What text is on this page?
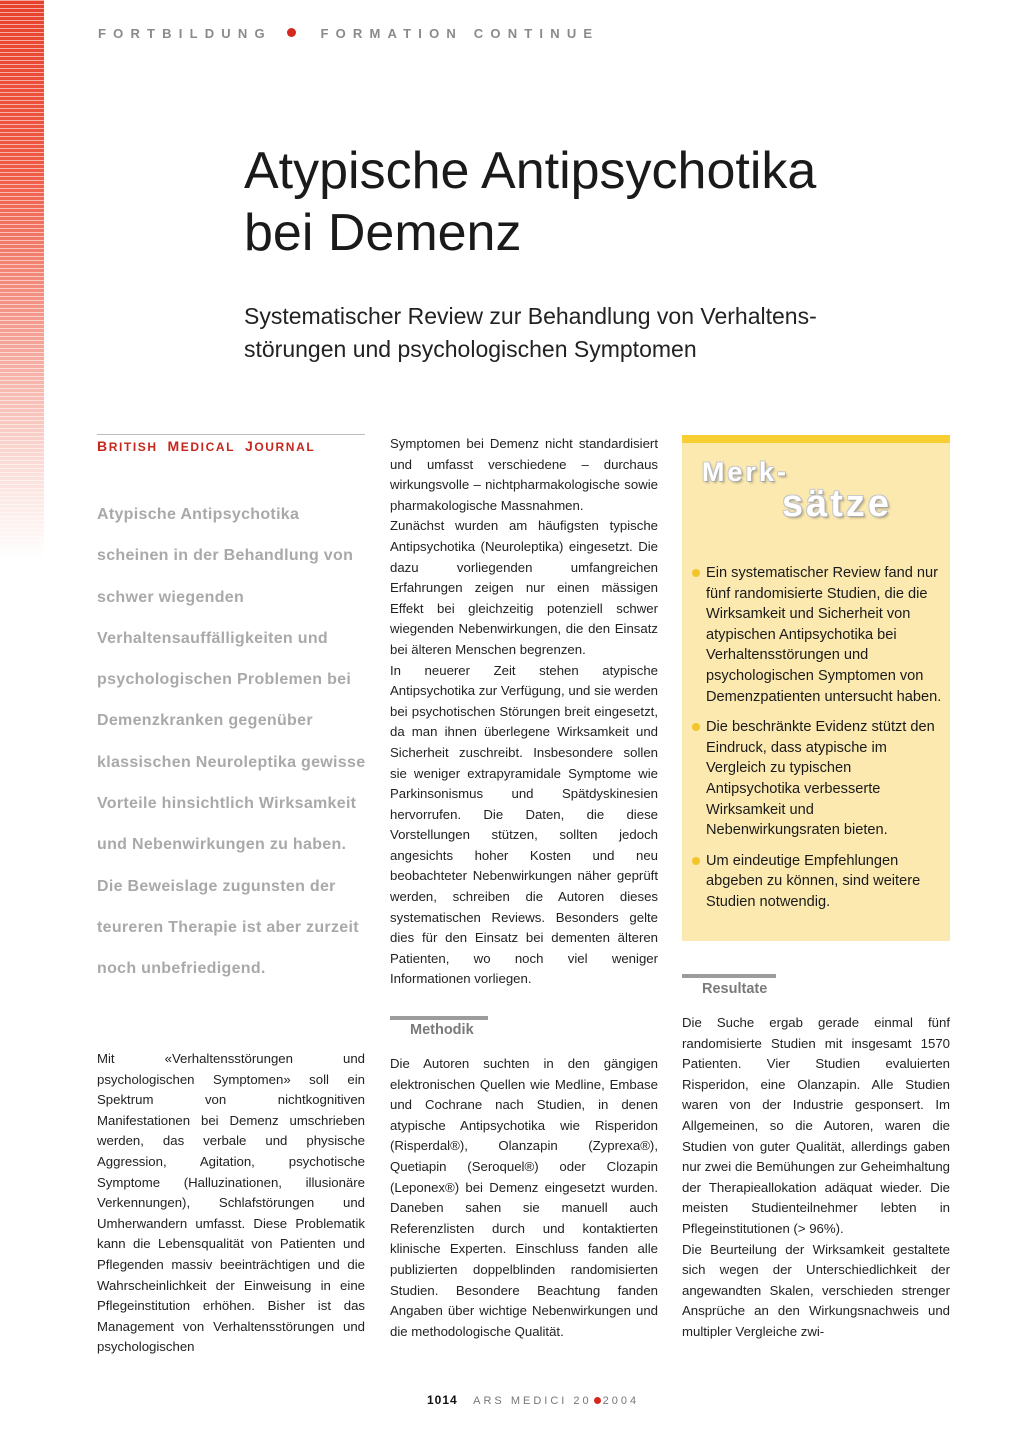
FORTBILDUNG	FORMATION CONTINUE
Atypische Antipsychotika
bei Demenz
Systematischer Review zur Behandlung von Verhaltens-
störungen und psychologischen Symptomen
BRITISH MEDICAL JOURNAL
Atypische Antipsychotika scheinen in der Behandlung von schwer wiegenden Verhaltensauffälligkeiten und psychologischen Problemen bei Demenzkranken gegenüber klassischen Neuroleptika gewisse Vorteile hinsichtlich Wirksamkeit und Nebenwirkungen zu haben. Die Beweislage zugunsten der teureren Therapie ist aber zurzeit noch unbefriedigend.

Mit «Verhaltensstörungen und psychologischen Symptomen» soll ein Spektrum von nichtkognitiven Manifestationen bei Demenz umschrieben werden, das verbale und physische Aggression, Agitation, psychotische Symptome (Halluzinationen, illusionäre Verkennungen), Schlafstörungen und Umherwandern umfasst. Diese Problematik kann die Lebensqualität von Patienten und Pflegenden massiv beeinträchtigen und die Wahrscheinlichkeit der Einweisung in eine Pflegeinstitution erhöhen. Bisher ist das Management von Verhaltensstörungen und psychologischen

Symptomen bei Demenz nicht standardisiert und umfasst verschiedene – durchaus wirkungsvolle – nichtpharmakologische sowie pharmakologische Massnahmen.

Zunächst wurden am häufigsten typische Antipsychotika (Neuroleptika) eingesetzt. Die dazu vorliegenden umfangreichen Erfahrungen zeigen nur einen mässigen Effekt bei gleichzeitig potenziell schwer wiegenden Nebenwirkungen, die den Einsatz bei älteren Menschen begrenzen.

In neuerer Zeit stehen atypische Antipsychotika zur Verfügung, und sie werden bei psychotischen Störungen breit eingesetzt, da man ihnen überlegene Wirksamkeit und Sicherheit zuschreibt. Insbesondere sollen sie weniger extrapyramidale Symptome wie Parkinsonismus und Spätdyskinesien hervorrufen. Die Daten, die diese Vorstellungen stützen, sollten jedoch angesichts hoher Kosten und neu beobachteter Nebenwirkungen näher geprüft werden, schreiben die Autoren dieses systematischen Reviews. Besonders gelte dies für den Einsatz bei dementen älteren Patienten, wo noch viel weniger Informationen vorliegen.

Methodik

Die Autoren suchten in den gängigen elektronischen Quellen wie Medline, Embase und Cochrane nach Studien, in denen atypische Antipsychotika wie Risperidon (Risperdal®), Olanzapin (Zyprexa®), Quetiapin (Seroquel®) oder Clozapin (Leponex®) bei Demenz eingesetzt wurden. Daneben sahen sie manuell auch Referenzlisten durch und kontaktierten klinische Experten. Einschluss fanden alle publizierten doppelblinden randomisierten Studien. Besondere Beachtung fanden Angaben über wichtige Nebenwirkungen und die methodologische Qualität.

Merk-
sätze
Ein systematischer Review fand nur fünf randomisierte Studien, die die Wirksamkeit und Sicherheit von atypischen Antipsychotika bei Verhaltensstörungen und psychologischen Symptomen von Demenzpatienten untersucht haben.
Die beschränkte Evidenz stützt den Eindruck, dass atypische im Vergleich zu typischen Antipsychotika verbesserte Wirksamkeit und Nebenwirkungsraten bieten.
Um eindeutige Empfehlungen abgeben zu können, sind weitere Studien notwendig.
Resultate

Die Suche ergab gerade einmal fünf randomisierte Studien mit insgesamt 1570 Patienten. Vier Studien evaluierten Risperidon, eine Olanzapin. Alle Studien waren von der Industrie gesponsert. Im Allgemeinen, so die Autoren, waren die Studien von guter Qualität, allerdings gaben nur zwei die Bemühungen zur Geheimhaltung der Therapieallokation adäquat wieder. Die meisten Studienteilnehmer lebten in Pflegeinstitutionen (> 96%).

Die Beurteilung der Wirksamkeit gestaltete sich wegen der Unterschiedlichkeit der angewandten Skalen, verschieden strenger Ansprüche an den Wirkungsnachweis und multipler Vergleiche zwi-

1014 ARS MEDICI 20 2004
